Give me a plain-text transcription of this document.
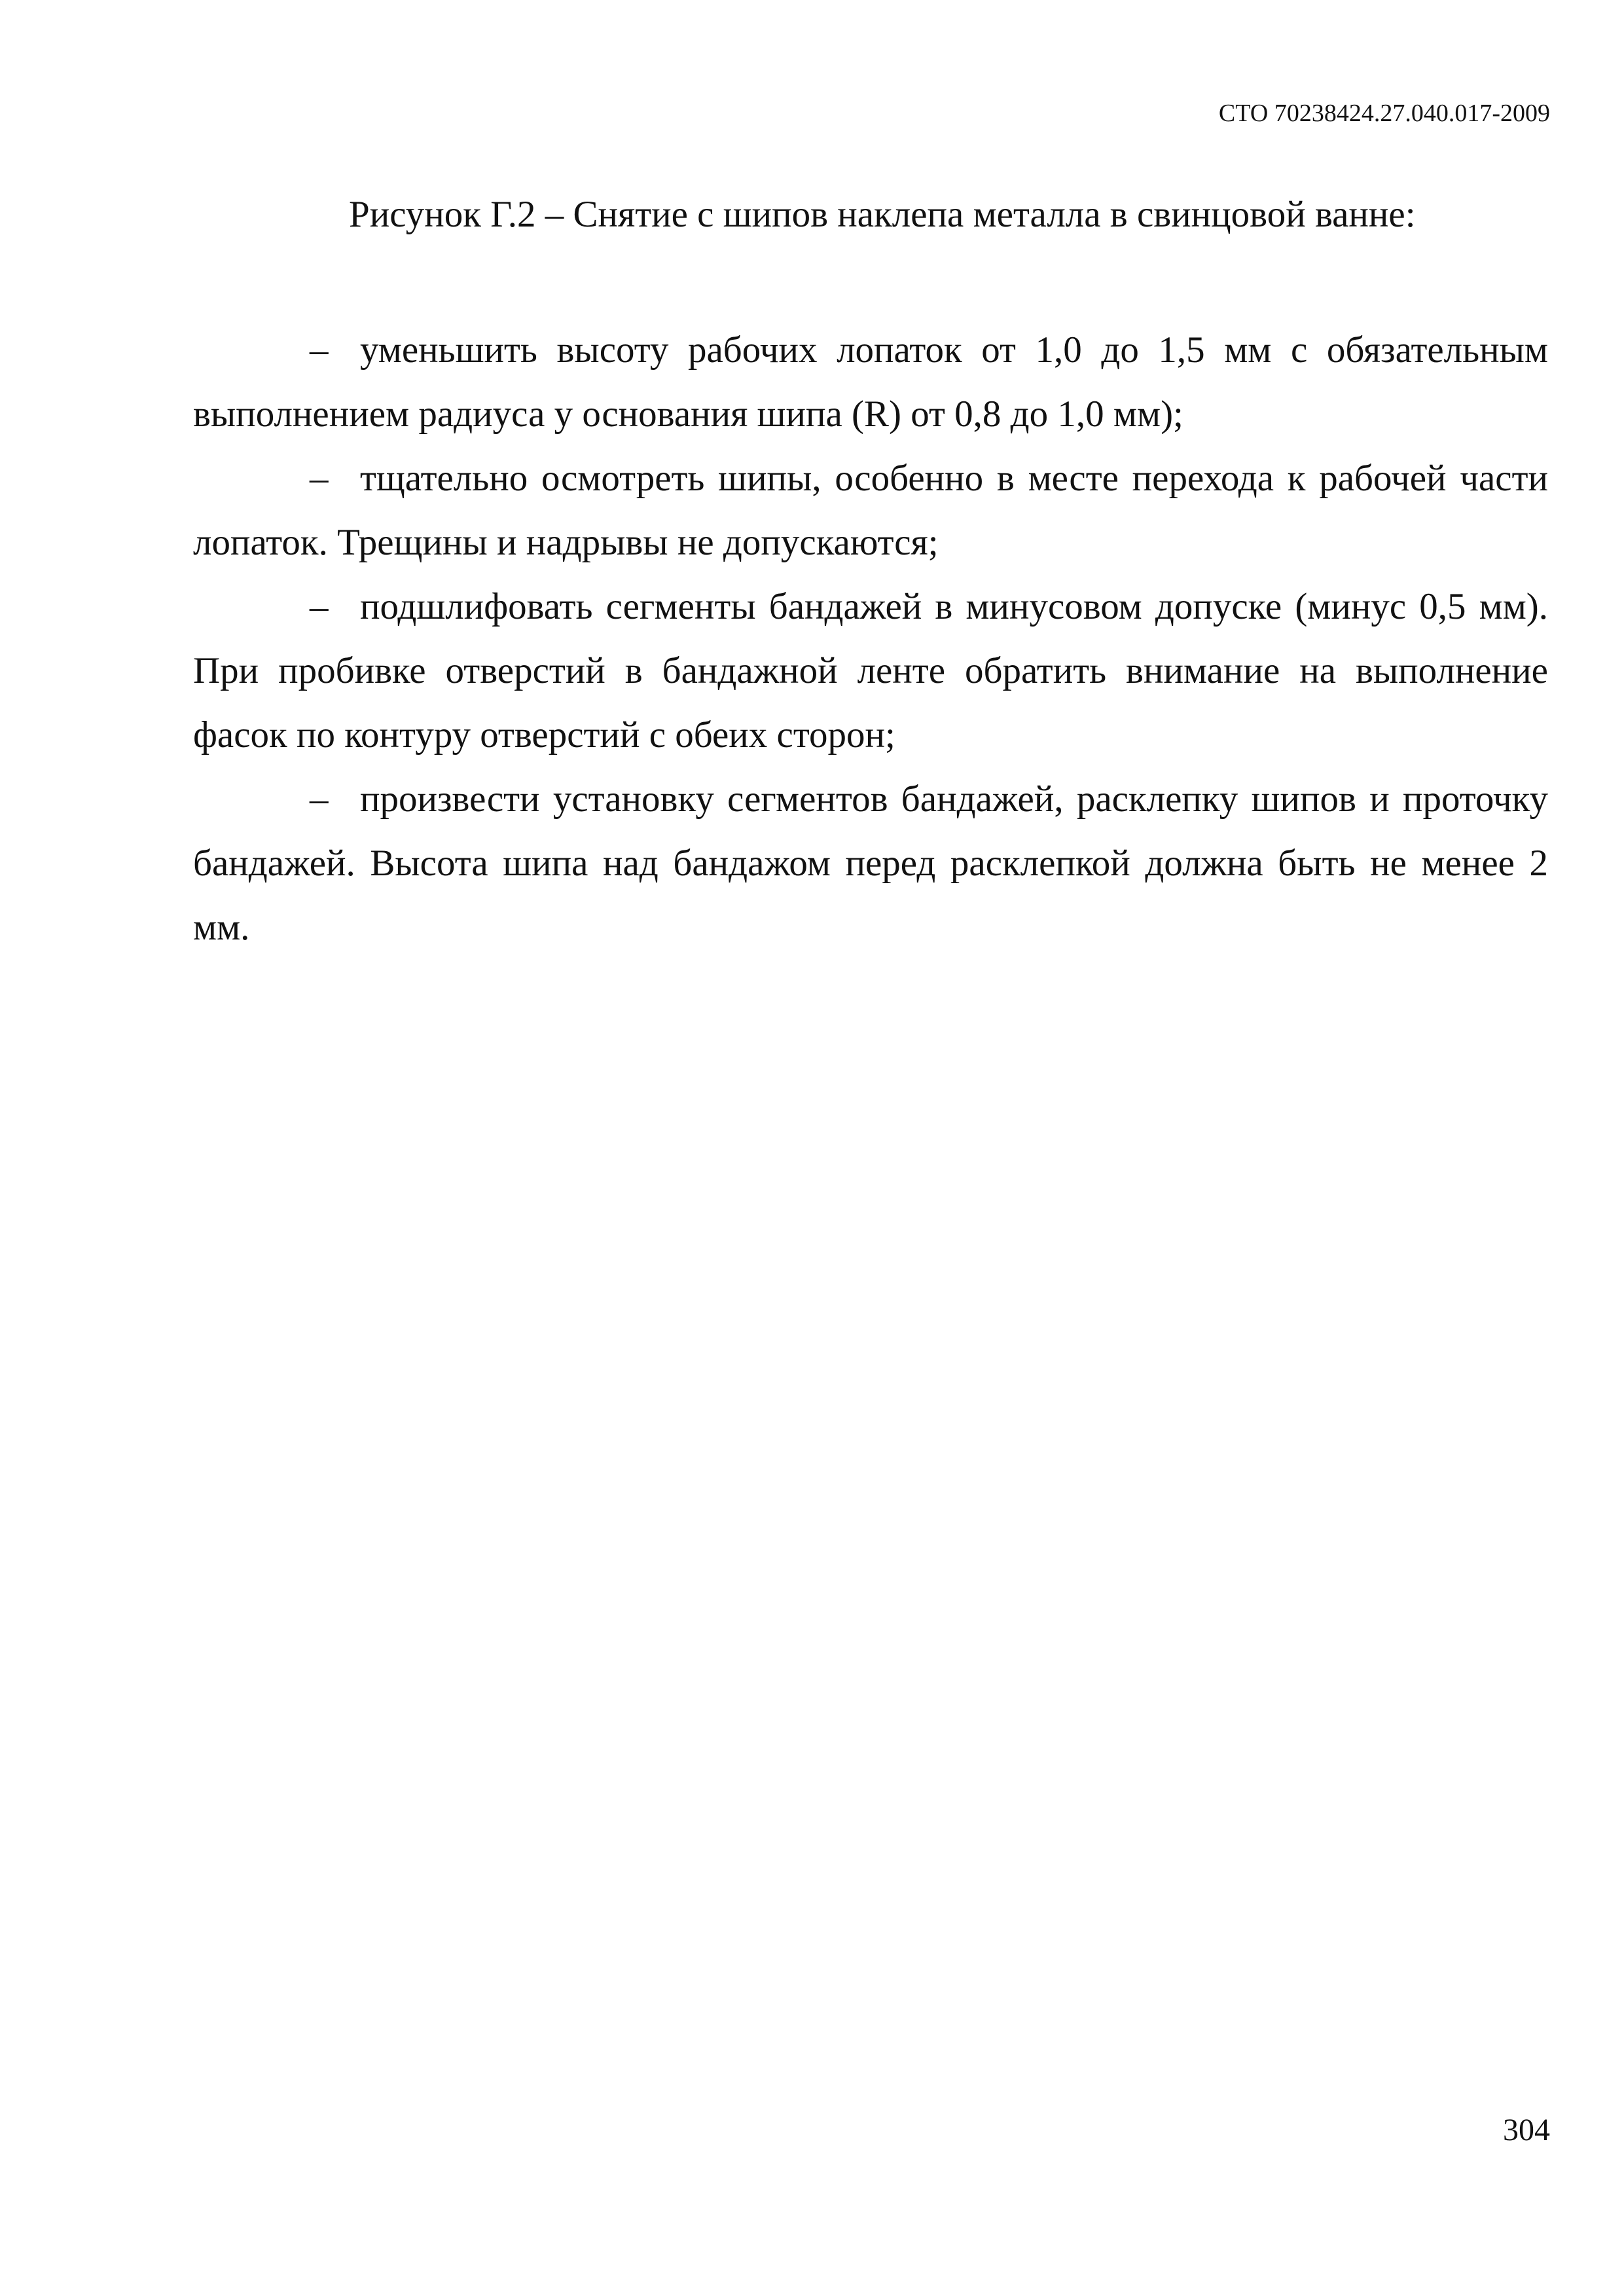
СТО 70238424.27.040.017-2009
Рисунок Г.2 – Снятие с шипов наклепа металла в свинцовой ванне:

– уменьшить высоту рабочих лопаток от 1,0 до 1,5 мм с обязательным выполнением радиуса у основания шипа (R) от 0,8 до 1,0 мм);

– тщательно осмотреть шипы, особенно в месте перехода к рабочей части лопаток. Трещины и надрывы не допускаются;

– подшлифовать сегменты бандажей в минусовом допуске (минус 0,5 мм). При пробивке отверстий в бандажной ленте обратить внимание на выполнение фасок по контуру отверстий с обеих сторон;

– произвести установку сегментов бандажей, расклепку шипов и проточку бандажей. Высота шипа над бандажом перед расклепкой должна быть не менее 2 мм.

304
